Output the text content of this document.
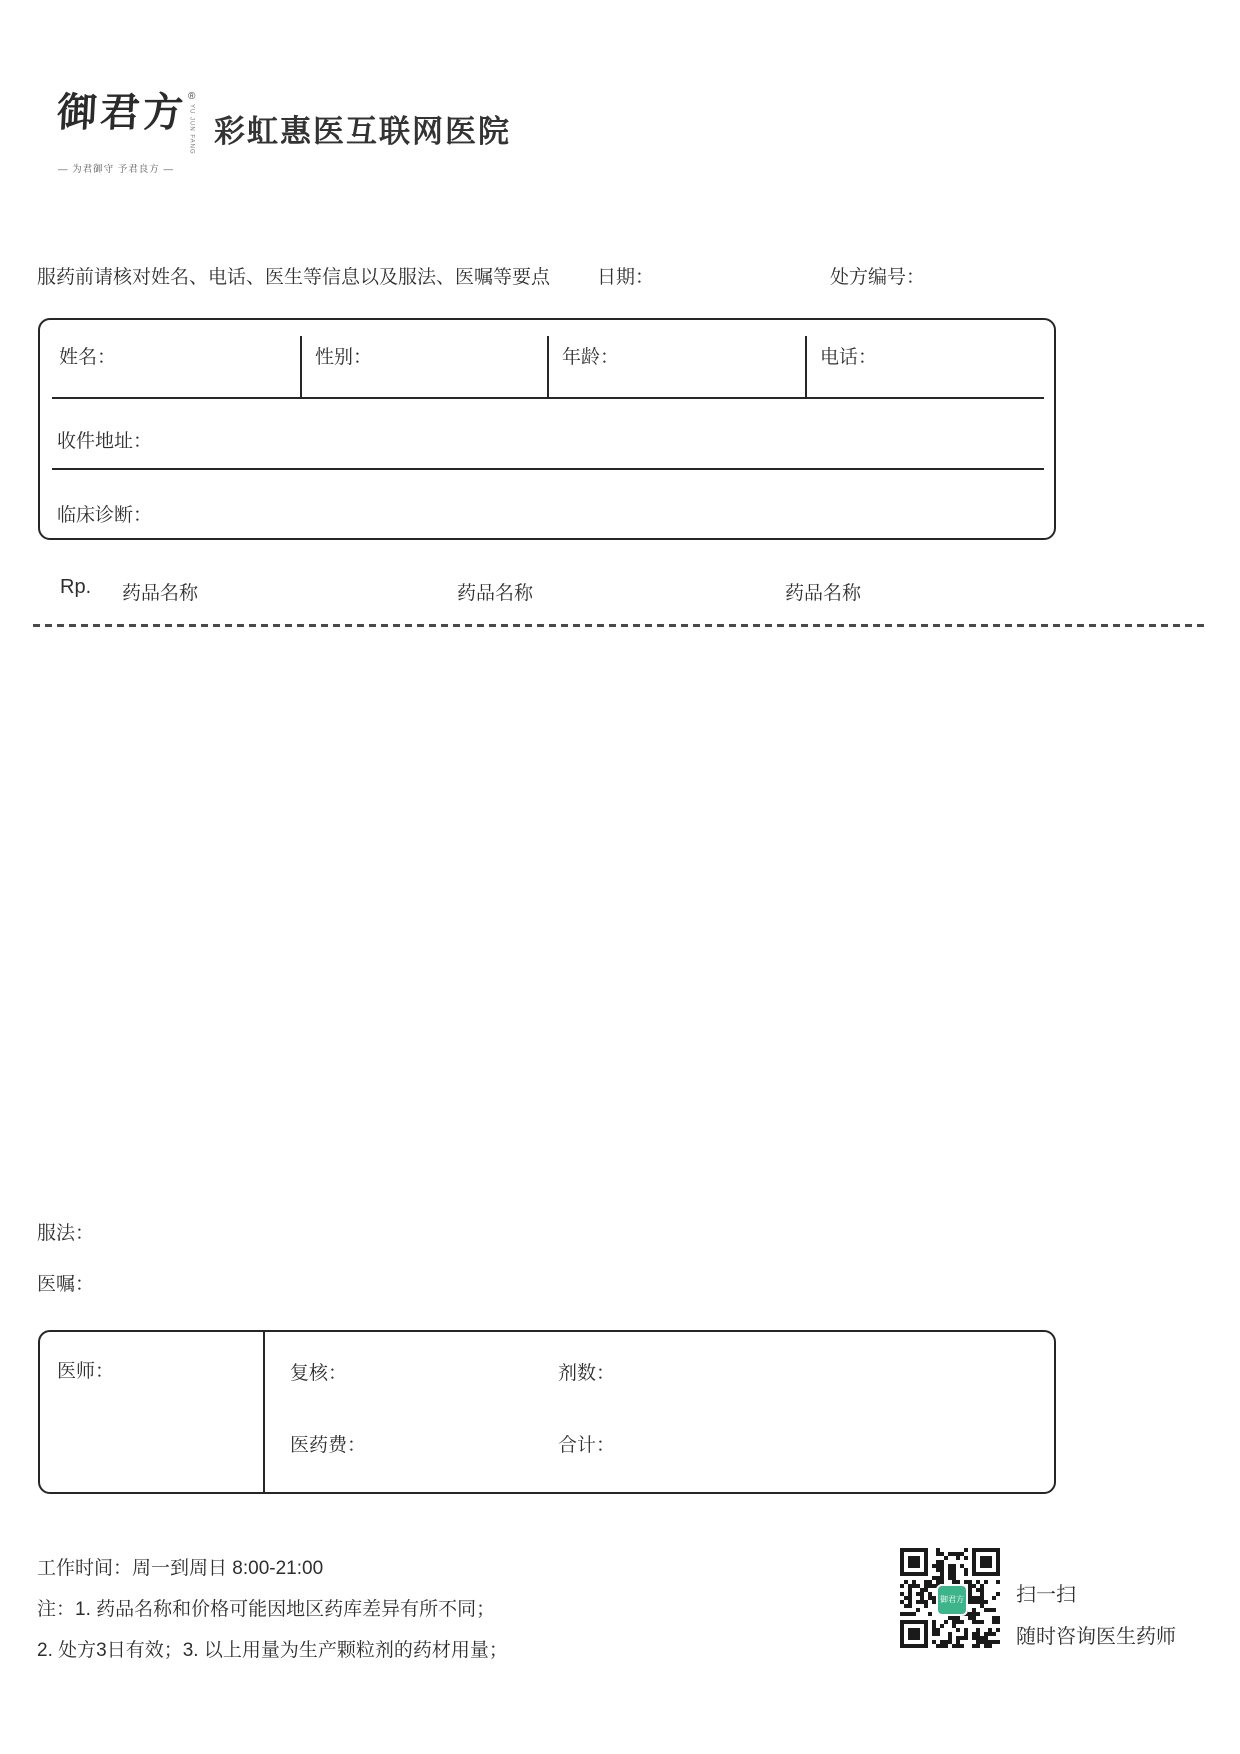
御君方 ®
YU JUN FANG
— 为君御守 予君良方 —
彩虹惠医互联网医院
服药前请核对姓名、电话、医生等信息以及服法、医嘱等要点 日期：	处方编号：
姓名：	性别：	年龄：	电话：
收件地址：
临床诊断：
Rp. 药品名称	药品名称	药品名称
服法：
医嘱：
医师：	复核：	剂数：
医药费：	合计：
工作时间：周一到周日 8:00-21:00
注：1. 药品名称和价格可能因地区药库差异有所不同；
2. 处方3日有效；3. 以上用量为生产颗粒剂的药材用量；
御君方	扫一扫
随时咨询医生药师
